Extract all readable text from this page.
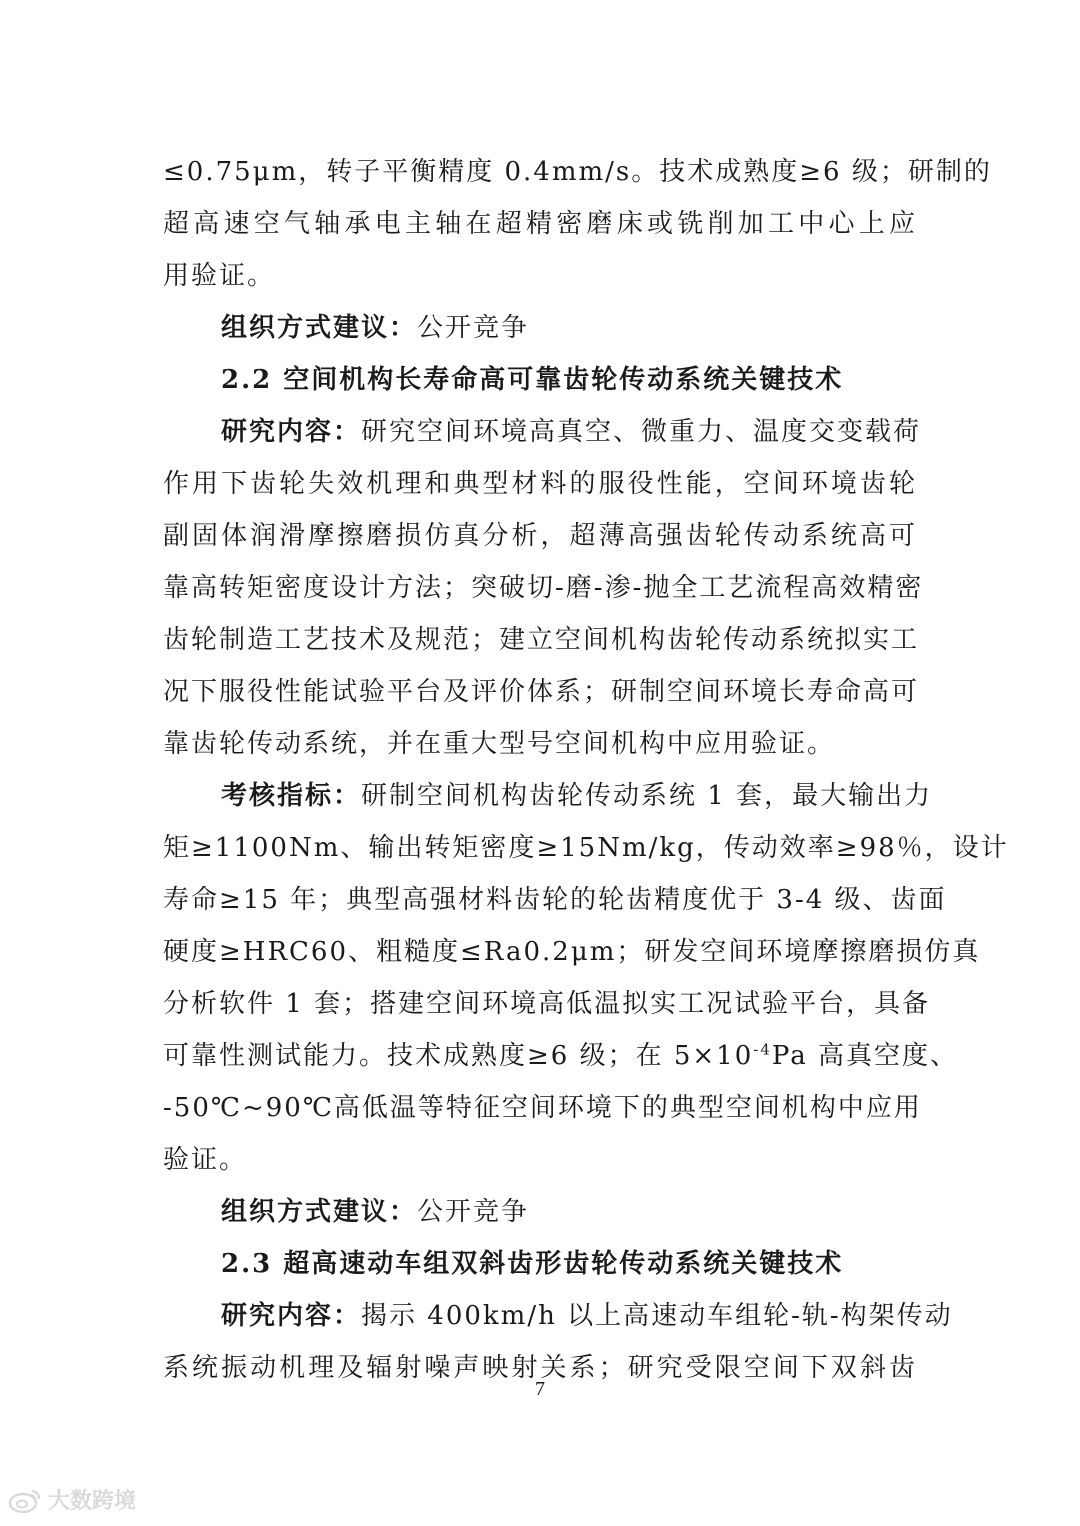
≤0.75μm，转子平衡精度 0.4mm/s。技术成熟度≥6 级；研制的
超高速空气轴承电主轴在超精密磨床或铣削加工中心上应
用验证。
组织方式建议：公开竞争
2.2 空间机构长寿命高可靠齿轮传动系统关键技术
研究内容：研究空间环境高真空、微重力、温度交变载荷
作用下齿轮失效机理和典型材料的服役性能，空间环境齿轮
副固体润滑摩擦磨损仿真分析，超薄高强齿轮传动系统高可
靠高转矩密度设计方法；突破切-磨-渗-抛全工艺流程高效精密
齿轮制造工艺技术及规范；建立空间机构齿轮传动系统拟实工
况下服役性能试验平台及评价体系；研制空间环境长寿命高可
靠齿轮传动系统，并在重大型号空间机构中应用验证。
考核指标：研制空间机构齿轮传动系统 1 套，最大输出力
矩≥1100Nm、输出转矩密度≥15Nm/kg，传动效率≥98％，设计
寿命≥15 年；典型高强材料齿轮的轮齿精度优于 3-4 级、齿面
硬度≥HRC60、粗糙度≤Ra0.2μm；研发空间环境摩擦磨损仿真
分析软件 1 套；搭建空间环境高低温拟实工况试验平台，具备
可靠性测试能力。技术成熟度≥6 级；在 $5\times 10^{-4}Pa$ 高真空度、
-50℃~90℃高低温等特征空间环境下的典型空间机构中应用
验证。
组织方式建议：公开竞争
2.3 超高速动车组双斜齿形齿轮传动系统关键技术
研究内容：揭示 400km/h 以上高速动车组轮-轨-构架传动
系统振动机理及辐射噪声映射关系；研究受限空间下双斜齿
7
大数跨境
